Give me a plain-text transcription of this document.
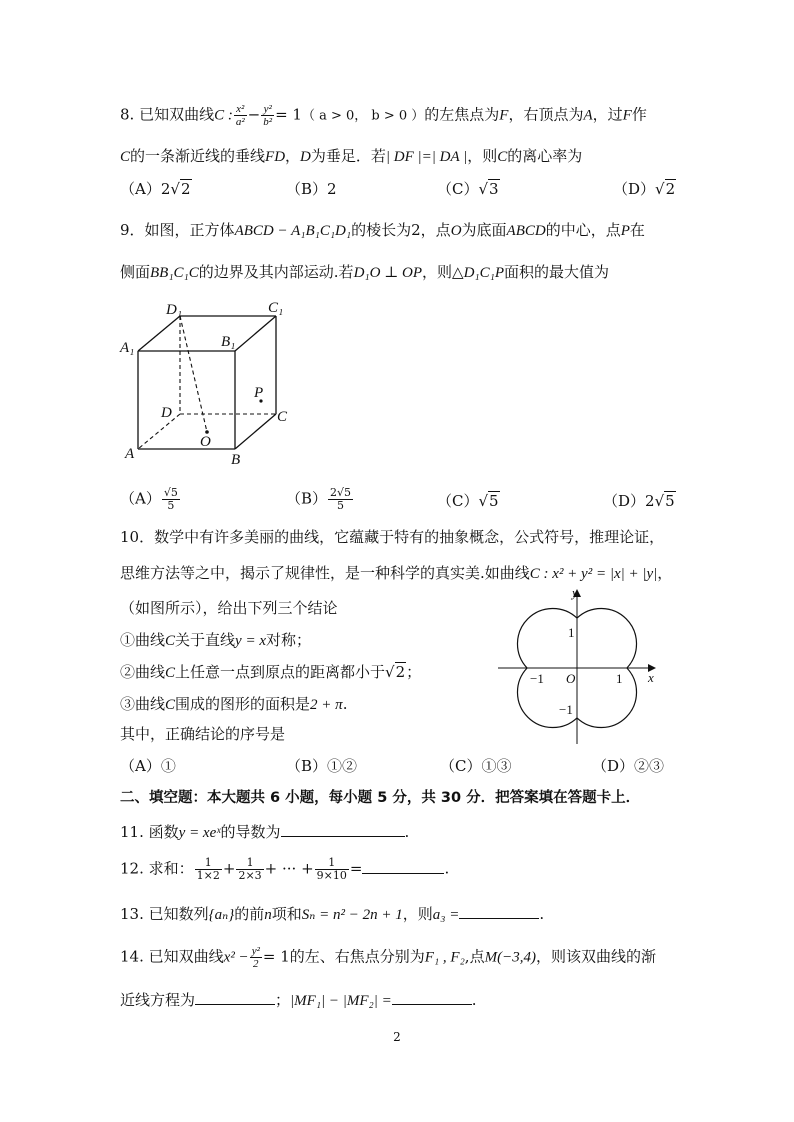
8. 已知双曲线C : $\frac{\text{x²}}{\text{a²}} - \frac{\text{y²}}{\text{b²}} = 1$（ a > 0， b > 0 ）的左焦点为F，右顶点为A，过F作
C的一条渐近线的垂线FD，D为垂足．若| DF |=| DA |，则C的离心率为
（A）2√2	（B）2	（C）√3	（D）√2
9．如图，正方体ABCD − A₁B₁C₁D₁的棱长为2，点O为底面ABCD的中心，点P在
侧面BB₁C₁C的边界及其内部运动.若D₁O ⊥ OP，则△D₁C₁P面积的最大值为
D₁	C₁
A₁	B₁
D	C
A	B
O
P
$(A) \frac{√5}{5}$	$(B) \frac{2√5}{5}$	（C）√5	（D）2√5
10．数学中有许多美丽的曲线，它蕴藏于特有的抽象概念，公式符号，推理论证，
思维方法等之中，揭示了规律性，是一种科学的真实美.如曲线C : x² + y² = |x| + |y|，
（如图所示），给出下列三个结论
①曲线C关于直线y = x对称；
②曲线C上任意一点到原点的距离都小于√2；
③曲线C围成的图形的面积是2 + π.
其中，正确结论的序号是
y
x
O	1
−1
1
−1
（A）①	（B）①②	（C）①③	（D）②③
二、填空题：本大题共 6 小题，每小题 5 分，共 30 分．把答案填在答题卡上．
11. 函数y = xeˣ的导数为	.
12. 求和： $\frac{1}{1\times 2} + \frac{1}{2\times 3}$ + ··· + $\frac{1}{9\times 10}$ =	.
13. 已知数列{aₙ}的前n项和Sₙ = n² − 2n + 1，则a₃ =	.
14. 已知双曲线$x^2 - \frac{\text{y²}}{2} = 1$的左、右焦点分别为F₁ , F₂,点M(−3,4)，则该双曲线的渐
近线方程为	；|MF₁| − |MF₂| =	.
2
